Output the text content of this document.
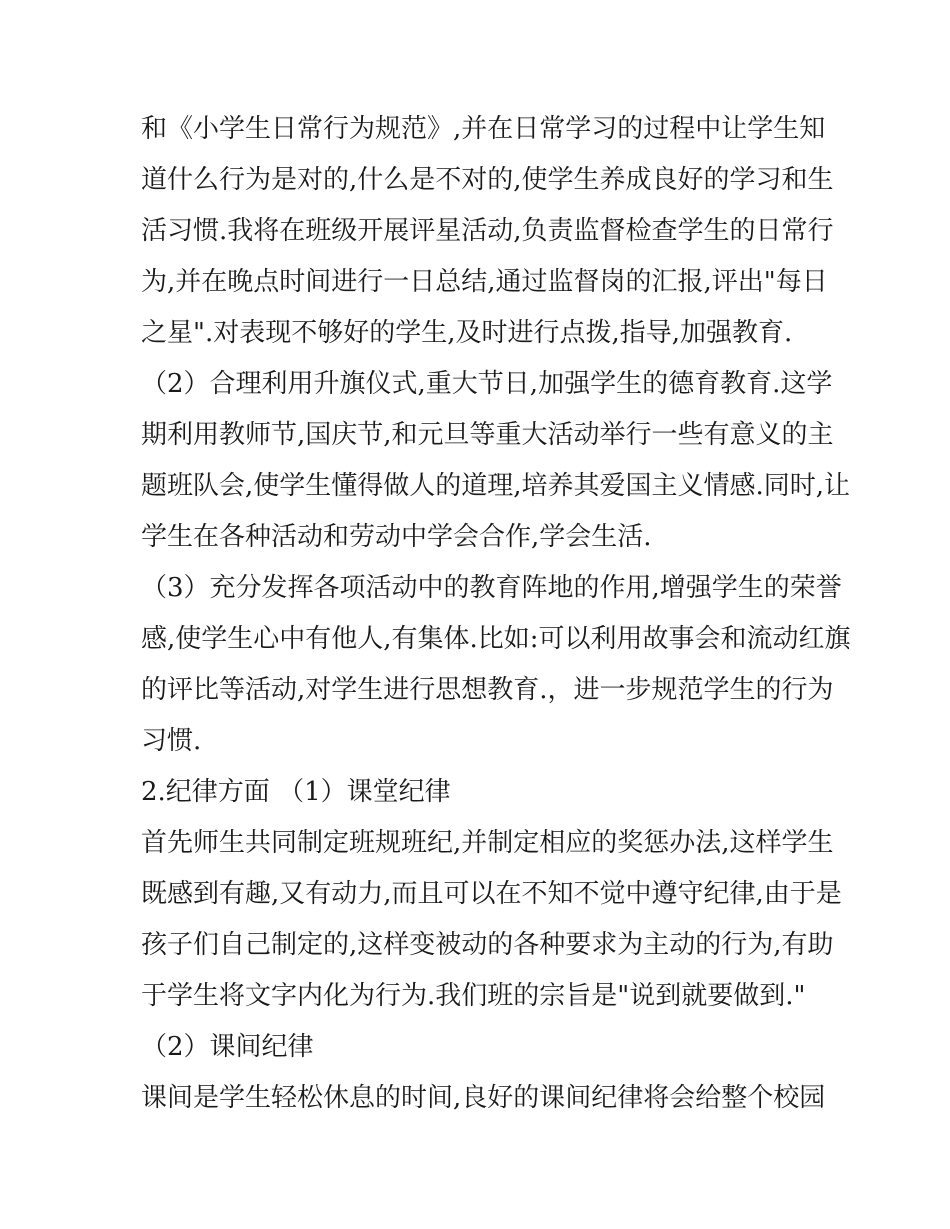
和《小学生日常行为规范》,并在日常学习的过程中让学生知
道什么行为是对的,什么是不对的,使学生养成良好的学习和生
活习惯.我将在班级开展评星活动,负责监督检查学生的日常行
为,并在晚点时间进行一日总结,通过监督岗的汇报,评出"每日
之星".对表现不够好的学生,及时进行点拨,指导,加强教育.
（2）合理利用升旗仪式,重大节日,加强学生的德育教育.这学
期利用教师节,国庆节,和元旦等重大活动举行一些有意义的主
题班队会,使学生懂得做人的道理,培养其爱国主义情感.同时,让
学生在各种活动和劳动中学会合作,学会生活.
（3）充分发挥各项活动中的教育阵地的作用,增强学生的荣誉
感,使学生心中有他人,有集体.比如:可以利用故事会和流动红旗
的评比等活动,对学生进行思想教育.，进一步规范学生的行为
习惯.
2.纪律方面 （1）课堂纪律
首先师生共同制定班规班纪,并制定相应的奖惩办法,这样学生
既感到有趣,又有动力,而且可以在不知不觉中遵守纪律,由于是
孩子们自己制定的,这样变被动的各种要求为主动的行为,有助
于学生将文字内化为行为.我们班的宗旨是"说到就要做到."
（2）课间纪律
课间是学生轻松休息的时间,良好的课间纪律将会给整个校园
